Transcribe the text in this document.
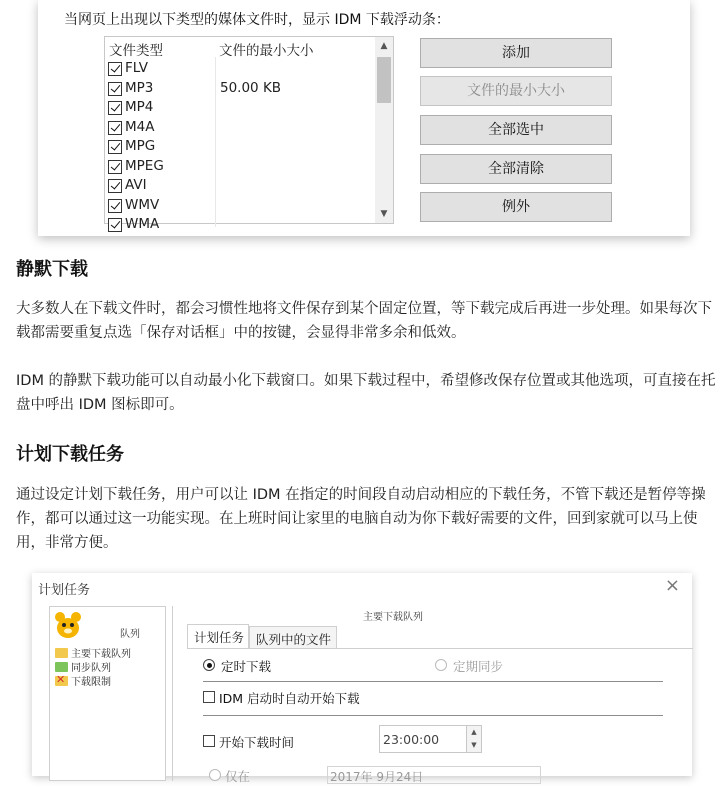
当网页上出现以下类型的媒体文件时，显示 IDM 下载浮动条：
文件类型	文件的最小大小
FLV
MP3	50.00 KB
MP4
M4A
MPG
MPEG
AVI
WMV
WMA
▲
▼
添加
文件的最小大小
全部选中
全部清除
例外
静默下载
大多数人在下载文件时，都会习惯性地将文件保存到某个固定位置，等下载完成后再进一步处理。如果每次下载都需要重复点选「保存对话框」中的按键，会显得非常多余和低效。
IDM 的静默下载功能可以自动最小化下载窗口。如果下载过程中，希望修改保存位置或其他选项，可直接在托盘中呼出 IDM 图标即可。
计划下载任务
通过设定计划下载任务，用户可以让 IDM 在指定的时间段自动启动相应的下载任务，不管下载还是暂停等操作，都可以通过这一功能实现。在上班时间让家里的电脑自动为你下载好需要的文件，回到家就可以马上使用，非常方便。
计划任务	×
队列
主要下载队列
同步队列
✕ 下载限制
主要下载队列
计划任务 队列中的文件
定时下载	定期同步
IDM 启动时自动开始下载
开始下载时间	23:00:00	▲
▼
仅在	2017年 9月24日
